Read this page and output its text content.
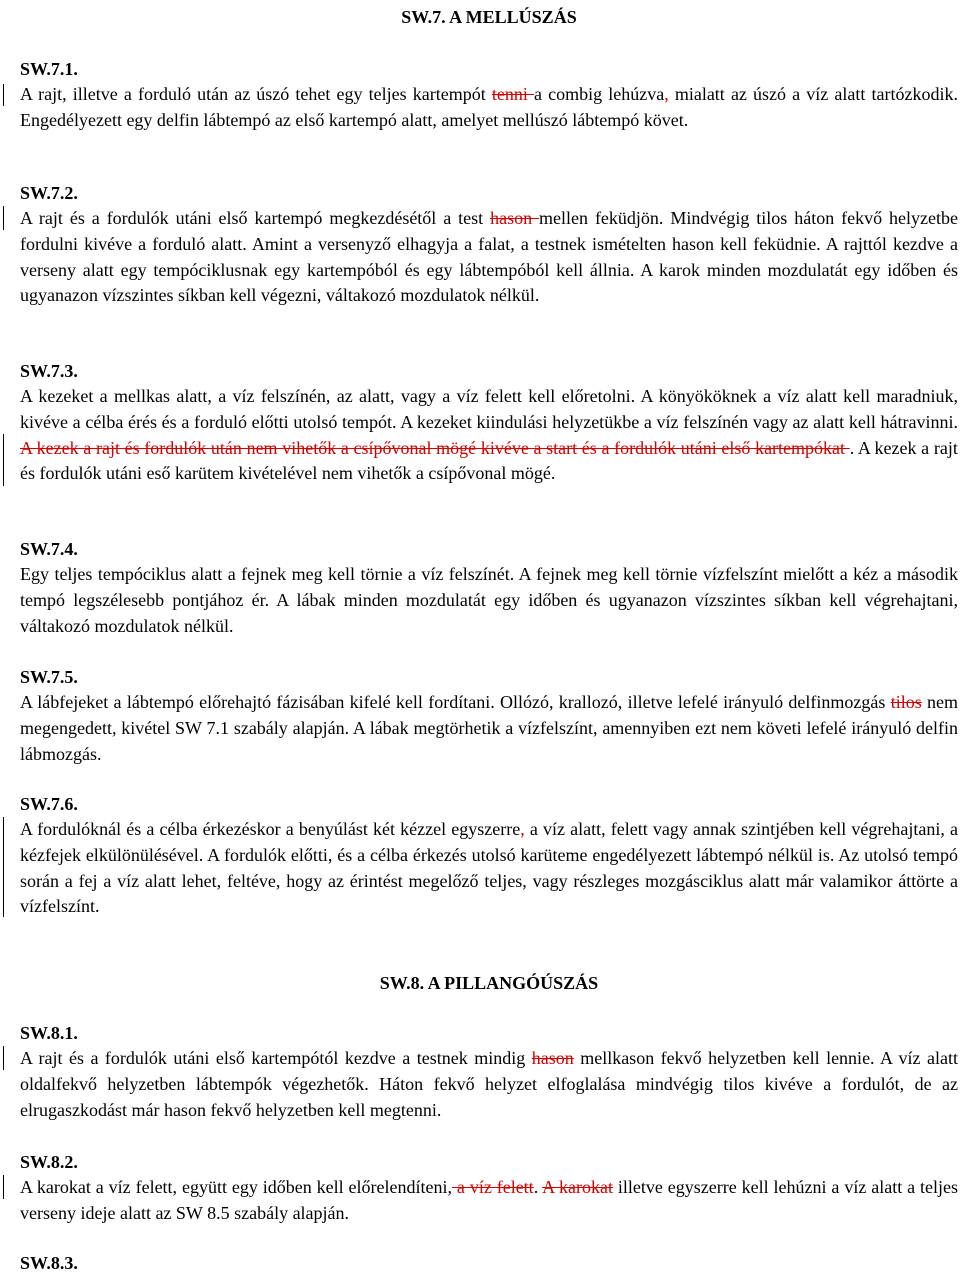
SW.7. A MELLÚSZÁS

SW.7.1.

A rajt, illetve a forduló után az úszó tehet egy teljes kartempót tenni a combig lehúzva, mialatt az úszó a víz alatt tartózkodik. Engedélyezett egy delfin lábtempó az első kartempó alatt, amelyet mellúszó lábtempó követ.

SW.7.2.

A rajt és a fordulók utáni első kartempó megkezdésétől a test hason mellen feküdjön. Mindvégig tilos háton fekvő helyzetbe fordulni kivéve a forduló alatt. Amint a versenyző elhagyja a falat, a testnek ismételten hason kell feküdnie. A rajttól kezdve a verseny alatt egy tempóciklusnak egy kartempóból és egy lábtempóból kell állnia. A karok minden mozdulatát egy időben és ugyanazon vízszintes síkban kell végezni, váltakozó mozdulatok nélkül.

SW.7.3.

A kezeket a mellkas alatt, a víz felszínén, az alatt, vagy a víz felett kell előretolni. A könyököknek a víz alatt kell maradniuk, kivéve a célba érés és a forduló előtti utolsó tempót. A kezeket kiindulási helyzetükbe a víz felszínén vagy az alatt kell hátravinni. A kezek a rajt és fordulók után nem vihetők a csípővonal mögé kivéve a start és a fordulók utáni első kartempókat . A kezek a rajt és fordulók utáni eső karütem kivételével nem vihetők a csípővonal mögé.

SW.7.4.

Egy teljes tempóciklus alatt a fejnek meg kell törnie a víz felszínét. A fejnek meg kell törnie vízfelszínt mielőtt a kéz a második tempó legszélesebb pontjához ér. A lábak minden mozdulatát egy időben és ugyanazon vízszintes síkban kell végrehajtani, váltakozó mozdulatok nélkül.

SW.7.5.

A lábfejeket a lábtempó előrehajtó fázisában kifelé kell fordítani. Ollózó, krallozó, illetve lefelé irányuló delfinmozgás tilos nem megengedett, kivétel SW 7.1 szabály alapján. A lábak megtörhetik a vízfelszínt, amennyiben ezt nem követi lefelé irányuló delfin lábmozgás.

SW.7.6.

A fordulóknál és a célba érkezéskor a benyúlást két kézzel egyszerre, a víz alatt, felett vagy annak szintjében kell végrehajtani, a kézfejek elkülönülésével. A fordulók előtti, és a célba érkezés utolsó karüteme engedélyezett lábtempó nélkül is. Az utolsó tempó során a fej a víz alatt lehet, feltéve, hogy az érintést megelőző teljes, vagy részleges mozgásciklus alatt már valamikor áttörte a vízfelszínt.

SW.8. A PILLANGÓÚSZÁS

SW.8.1.

A rajt és a fordulók utáni első kartempótól kezdve a testnek mindig hason mellkason fekvő helyzetben kell lennie. A víz alatt oldalfekvő helyzetben lábtempók végezhetők. Háton fekvő helyzet elfoglalása mindvégig tilos kivéve a fordulót, de az elrugaszkodást már hason fekvő helyzetben kell megtenni.

SW.8.2.

A karokat a víz felett, együtt egy időben kell előrelendíteni, a víz felett. A karokat illetve egyszerre kell lehúzni a víz alatt a teljes verseny ideje alatt az SW 8.5 szabály alapján.

SW.8.3.
